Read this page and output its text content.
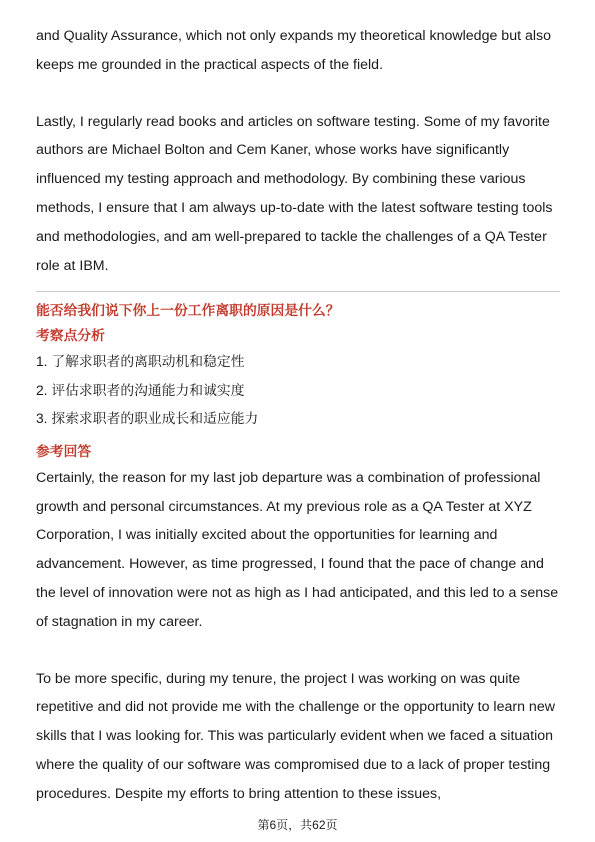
and Quality Assurance, which not only expands my theoretical knowledge but also keeps me grounded in the practical aspects of the field.

Lastly, I regularly read books and articles on software testing. Some of my favorite authors are Michael Bolton and Cem Kaner, whose works have significantly influenced my testing approach and methodology. By combining these various methods, I ensure that I am always up-to-date with the latest software testing tools and methodologies, and am well-prepared to tackle the challenges of a QA Tester role at IBM.

能否给我们说下你上一份工作离职的原因是什么？

考察点分析

1. 了解求职者的离职动机和稳定性
2. 评估求职者的沟通能力和诚实度
3. 探索求职者的职业成长和适应能力

参考回答

Certainly, the reason for my last job departure was a combination of professional growth and personal circumstances. At my previous role as a QA Tester at XYZ Corporation, I was initially excited about the opportunities for learning and advancement. However, as time progressed, I found that the pace of change and the level of innovation were not as high as I had anticipated, and this led to a sense of stagnation in my career.

To be more specific, during my tenure, the project I was working on was quite repetitive and did not provide me with the challenge or the opportunity to learn new skills that I was looking for. This was particularly evident when we faced a situation where the quality of our software was compromised due to a lack of proper testing procedures. Despite my efforts to bring attention to these issues,

第6页，共62页
